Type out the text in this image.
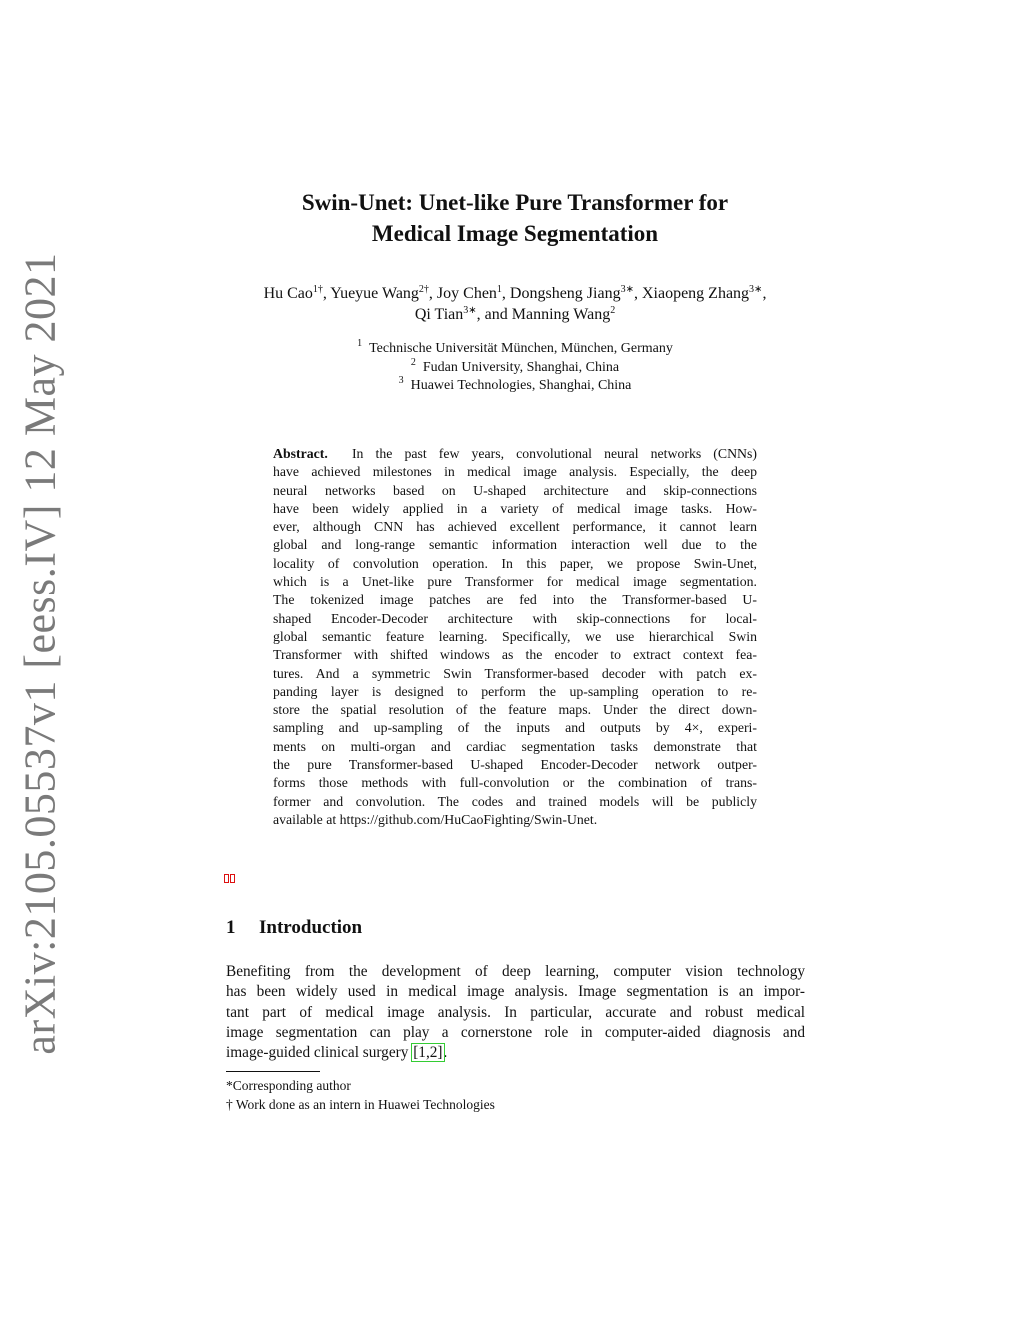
arXiv:2105.05537v1 [eess.IV] 12 May 2021
Swin-Unet: Unet-like Pure Transformer for
Medical Image Segmentation
Hu Cao$^{1\dagger}$, Yueyue Wang$^{2\dagger}$, Joy Chen$^1$, Dongsheng Jiang$^{3∗}$, Xiaopeng Zhang$^{3∗}$,
Qi Tian$^{3∗}$, and Manning Wang$^2$
$^1$ Technische Universität München, München, Germany
$^2$ Fudan University, Shanghai, China
$^3$ Huawei Technologies, Shanghai, China
Abstract. In the past few years, convolutional neural networks (CNNs)
have achieved milestones in medical image analysis. Especially, the deep
neural networks based on U-shaped architecture and skip-connections
have been widely applied in a variety of medical image tasks. How-
ever, although CNN has achieved excellent performance, it cannot learn
global and long-range semantic information interaction well due to the
locality of convolution operation. In this paper, we propose Swin-Unet,
which is a Unet-like pure Transformer for medical image segmentation.
The tokenized image patches are fed into the Transformer-based U-
shaped Encoder-Decoder architecture with skip-connections for local-
global semantic feature learning. Specifically, we use hierarchical Swin
Transformer with shifted windows as the encoder to extract context fea-
tures. And a symmetric Swin Transformer-based decoder with patch ex-
panding layer is designed to perform the up-sampling operation to re-
store the spatial resolution of the feature maps. Under the direct down-
sampling and up-sampling of the inputs and outputs by 4×, experi-
ments on multi-organ and cardiac segmentation tasks demonstrate that
the pure Transformer-based U-shaped Encoder-Decoder network outper-
forms those methods with full-convolution or the combination of trans-
former and convolution. The codes and trained models will be publicly
available at https://github.com/HuCaoFighting/Swin-Unet.
1 Introduction
Benefiting from the development of deep learning, computer vision technology
has been widely used in medical image analysis. Image segmentation is an impor-
tant part of medical image analysis. In particular, accurate and robust medical
image segmentation can play a cornerstone role in computer-aided diagnosis and
image-guided clinical surgery [1,2].
*Corresponding author
† Work done as an intern in Huawei Technologies
